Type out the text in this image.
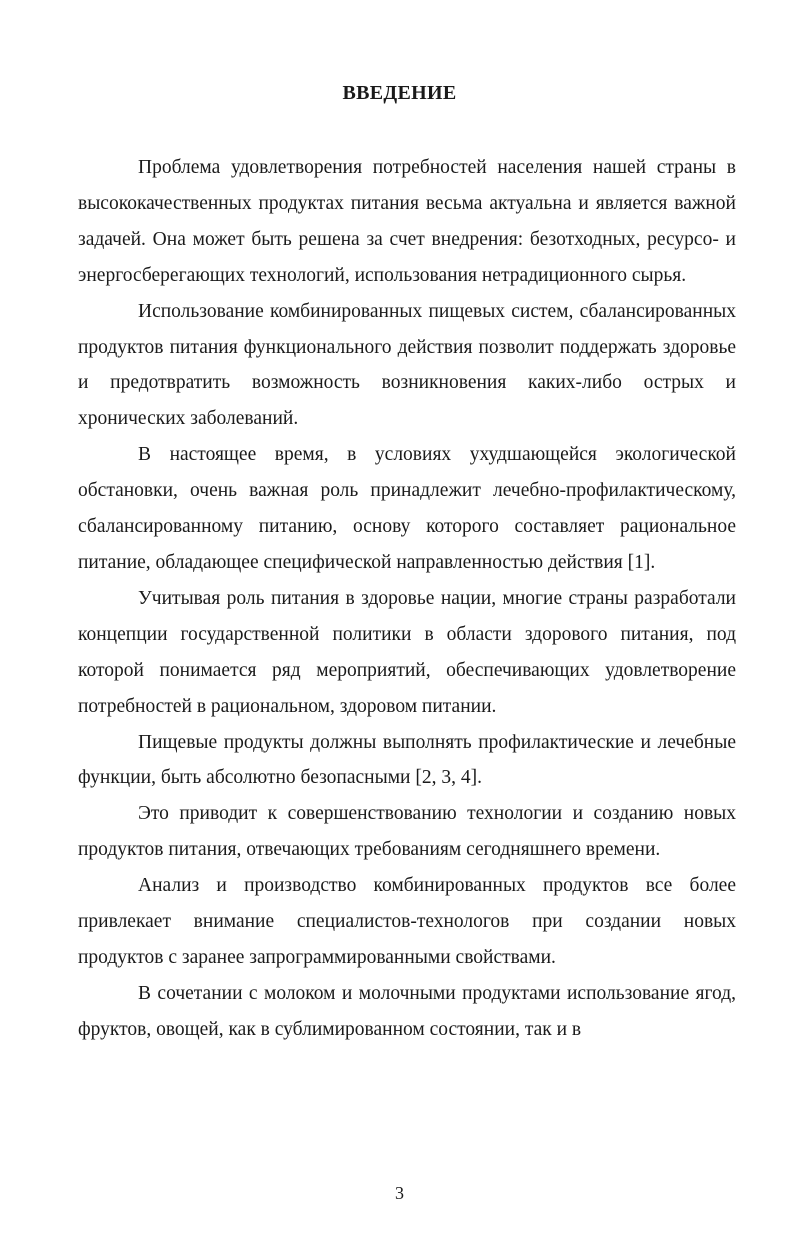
ВВЕДЕНИЕ

Проблема удовлетворения потребностей населения нашей страны в высококачественных продуктах питания весьма актуальна и является важной задачей. Она может быть решена за счет внедрения: безотходных, ресурсо- и энергосберегающих технологий, использования нетрадиционного сырья.

Использование комбинированных пищевых систем, сбалансированных продуктов питания функционального действия позволит поддержать здоровье и предотвратить возможность возникновения каких-либо острых и хронических заболеваний.

В настоящее время, в условиях ухудшающейся экологической обстановки, очень важная роль принадлежит лечебно-профилактическому, сбалансированному питанию, основу которого составляет рациональное питание, обладающее специфической направленностью действия [1].

Учитывая роль питания в здоровье нации, многие страны разработали концепции государственной политики в области здорового питания, под которой понимается ряд мероприятий, обеспечивающих удовлетворение потребностей в рациональном, здоровом питании.

Пищевые продукты должны выполнять профилактические и лечебные функции, быть абсолютно безопасными [2, 3, 4].

Это приводит к совершенствованию технологии и созданию новых продуктов питания, отвечающих требованиям сегодняшнего времени.

Анализ и производство комбинированных продуктов все более привлекает внимание специалистов-технологов при создании новых продуктов с заранее запрограммированными свойствами.

В сочетании с молоком и молочными продуктами использование ягод, фруктов, овощей, как в сублимированном состоянии, так и в

3
